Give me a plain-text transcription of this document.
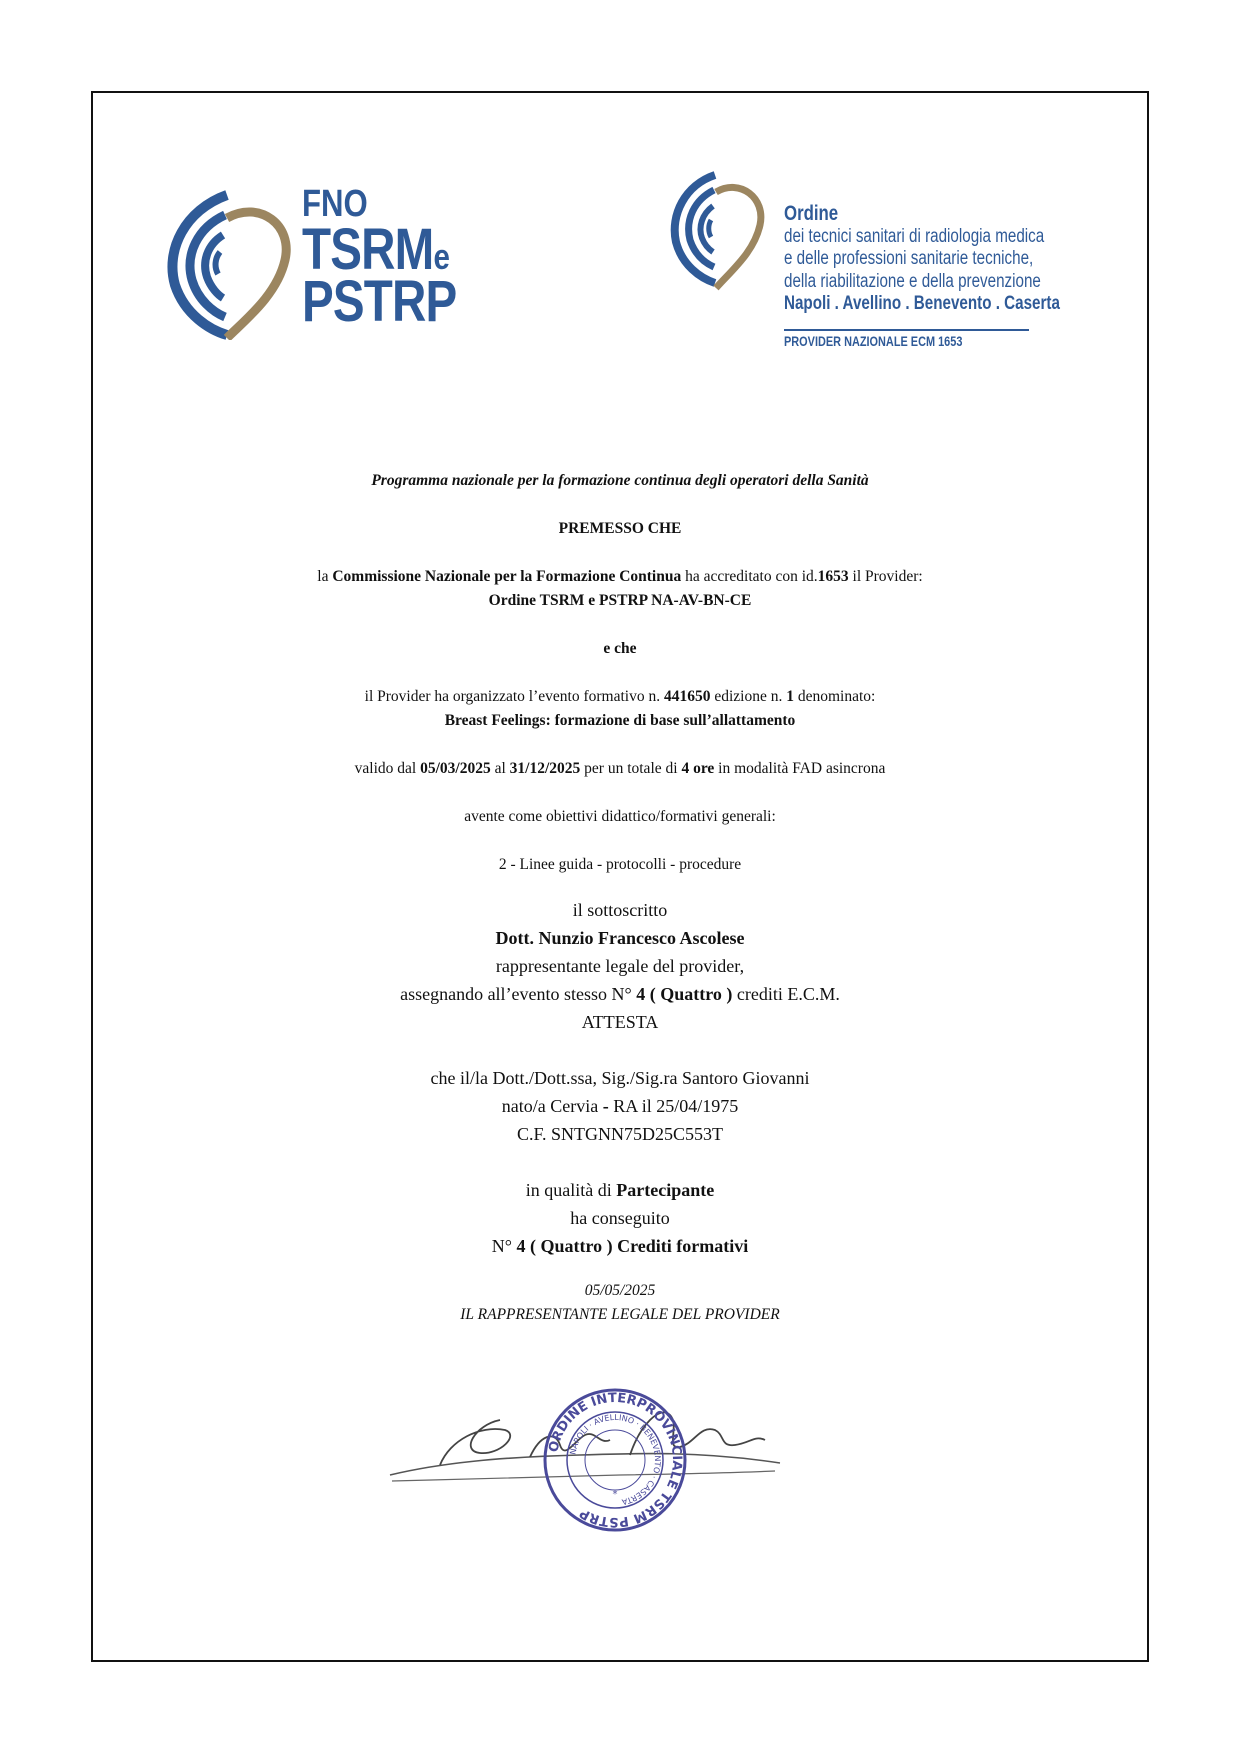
FNO
TSRMe
PSTRP
Ordine
dei tecnici sanitari di radiologia medica
e delle professioni sanitarie tecniche,
della riabilitazione e della prevenzione
Napoli . Avellino . Benevento . Caserta
PROVIDER NAZIONALE ECM 1653
Programma nazionale per la formazione continua degli operatori della Sanità
PREMESSO CHE
la Commissione Nazionale per la Formazione Continua ha accreditato con id.1653 il Provider:
Ordine TSRM e PSTRP NA-AV-BN-CE
e che
il Provider ha organizzato l’evento formativo n. 441650 edizione n. 1 denominato:
Breast Feelings: formazione di base sull’allattamento
valido dal 05/03/2025 al 31/12/2025 per un totale di 4 ore in modalità FAD asincrona
avente come obiettivi didattico/formativi generali:
2 - Linee guida - protocolli - procedure
il sottoscritto
Dott. Nunzio Francesco Ascolese
rappresentante legale del provider,
assegnando all’evento stesso N° 4 ( Quattro ) crediti E.C.M.
ATTESTA
che il/la Dott./Dott.ssa, Sig./Sig.ra Santoro Giovanni
nato/a Cervia - RA il 25/04/1975
C.F. SNTGNN75D25C553T
in qualità di Partecipante
ha conseguito
N° 4 ( Quattro ) Crediti formativi
05/05/2025
IL RAPPRESENTANTE LEGALE DEL PROVIDER
ORDINE INTERPROVINCIALE TSRM PSTRP
NAPOLI · AVELLINO · BENEVENTO · CASERTA
*
